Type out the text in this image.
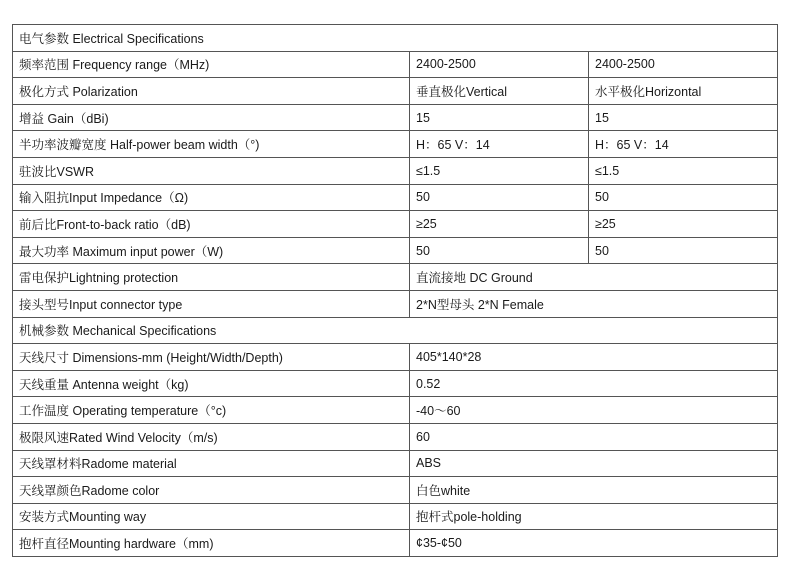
电气参数 Electrical Specifications		
频率范围 Frequency range（MHz)	2400-2500	2400-2500
极化方式 Polarization	垂直极化Vertical	水平极化Horizontal
增益 Gain（dBi)	15	15
半功率波瓣宽度 Half-power beam width（°)	H：65 V：14	H：65 V：14
驻波比VSWR	≤1.5	≤1.5
输入阻抗Input Impedance（Ω)	50	50
前后比Front-to-back ratio（dB)	≥25	≥25
最大功率 Maximum input power（W)	50	50
雷电保护Lightning protection	直流接地 DC Ground	
接头型号Input connector type	2*N型母头 2*N Female	
机械参数 Mechanical Specifications		
天线尺寸 Dimensions-mm (Height/Width/Depth)	405*140*28	
天线重量 Antenna weight（kg)	0.52	
工作温度 Operating temperature（°c)	-40～60	
极限风速Rated Wind Velocity（m/s)	60	
天线罩材料Radome material	ABS	
天线罩颜色Radome color	白色white	
安装方式Mounting way	抱杆式pole-holding	
抱杆直径Mounting hardware（mm)	¢35-¢50	
